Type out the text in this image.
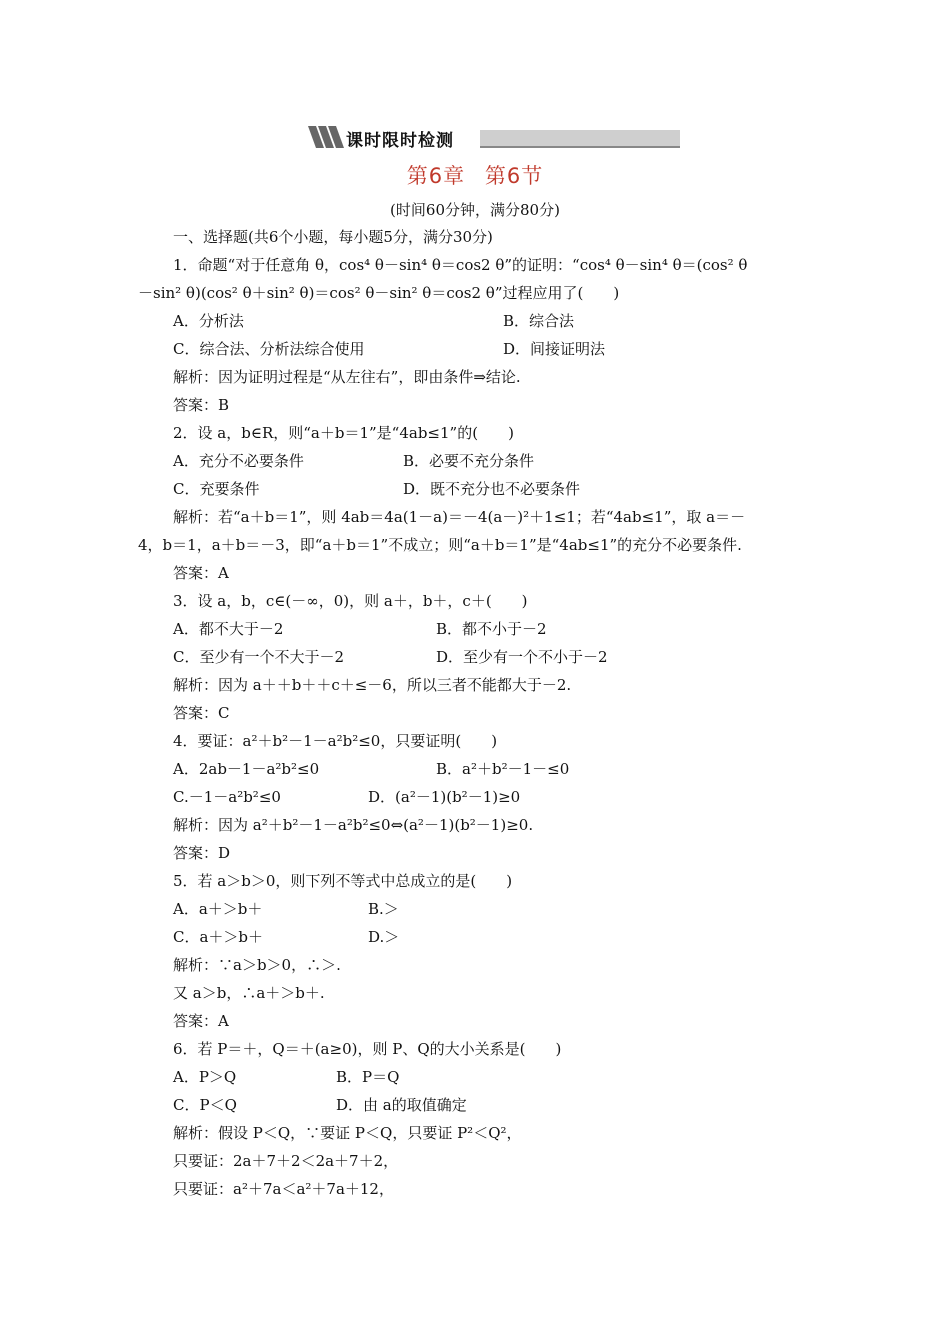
课时限时检测
第6章 第6节
(时间60分钟，满分80分)
一、选择题(共6个小题，每小题5分，满分30分)
1．命题“对于任意角 θ，cos⁴ θ－sin⁴ θ＝cos2 θ”的证明：“cos⁴ θ－sin⁴ θ＝(cos² θ
－sin² θ)(cos² θ＋sin² θ)＝cos² θ－sin² θ＝cos2 θ”过程应用了(　　)
A．分析法	B．综合法
C．综合法、分析法综合使用	D．间接证明法
解析：因为证明过程是“从左往右”，即由条件⇒结论.
答案：B
2．设 a，b∈R，则“a＋b＝1”是“4ab≤1”的(　　)
A．充分不必要条件	B．必要不充分条件
C．充要条件	D．既不充分也不必要条件
解析：若“a＋b＝1”，则 4ab＝4a(1－a)＝－4(a－)²＋1≤1；若“4ab≤1”，取 a＝－
4，b＝1，a＋b＝－3，即“a＋b＝1”不成立；则“a＋b＝1”是“4ab≤1”的充分不必要条件.
答案：A
3．设 a，b，c∈(－∞，0)，则 a＋，b＋，c＋(　　)
A．都不大于－2	B．都不小于－2
C．至少有一个不大于－2	D．至少有一个不小于－2
解析：因为 a＋＋b＋＋c＋≤－6，所以三者不能都大于－2.
答案：C
4．要证：a²＋b²－1－a²b²≤0，只要证明(　　)
A．2ab－1－a²b²≤0	B．a²＋b²－1－≤0
C.－1－a²b²≤0	D．(a²－1)(b²－1)≥0
解析：因为 a²＋b²－1－a²b²≤0⇔(a²－1)(b²－1)≥0.
答案：D
5．若 a＞b＞0，则下列不等式中总成立的是(　　)
A．a＋＞b＋	B.＞
C．a＋＞b＋	D.＞
解析：∵a＞b＞0，∴＞.
又 a＞b，∴a＋＞b＋.
答案：A
6．若 P＝＋，Q＝＋(a≥0)，则 P、Q的大小关系是(　　)
A．P＞Q	B．P＝Q
C．P＜Q	D．由 a的取值确定
解析：假设 P＜Q，∵要证 P＜Q，只要证 P²＜Q²，
只要证：2a＋7＋2＜2a＋7＋2，
只要证：a²＋7a＜a²＋7a＋12，
